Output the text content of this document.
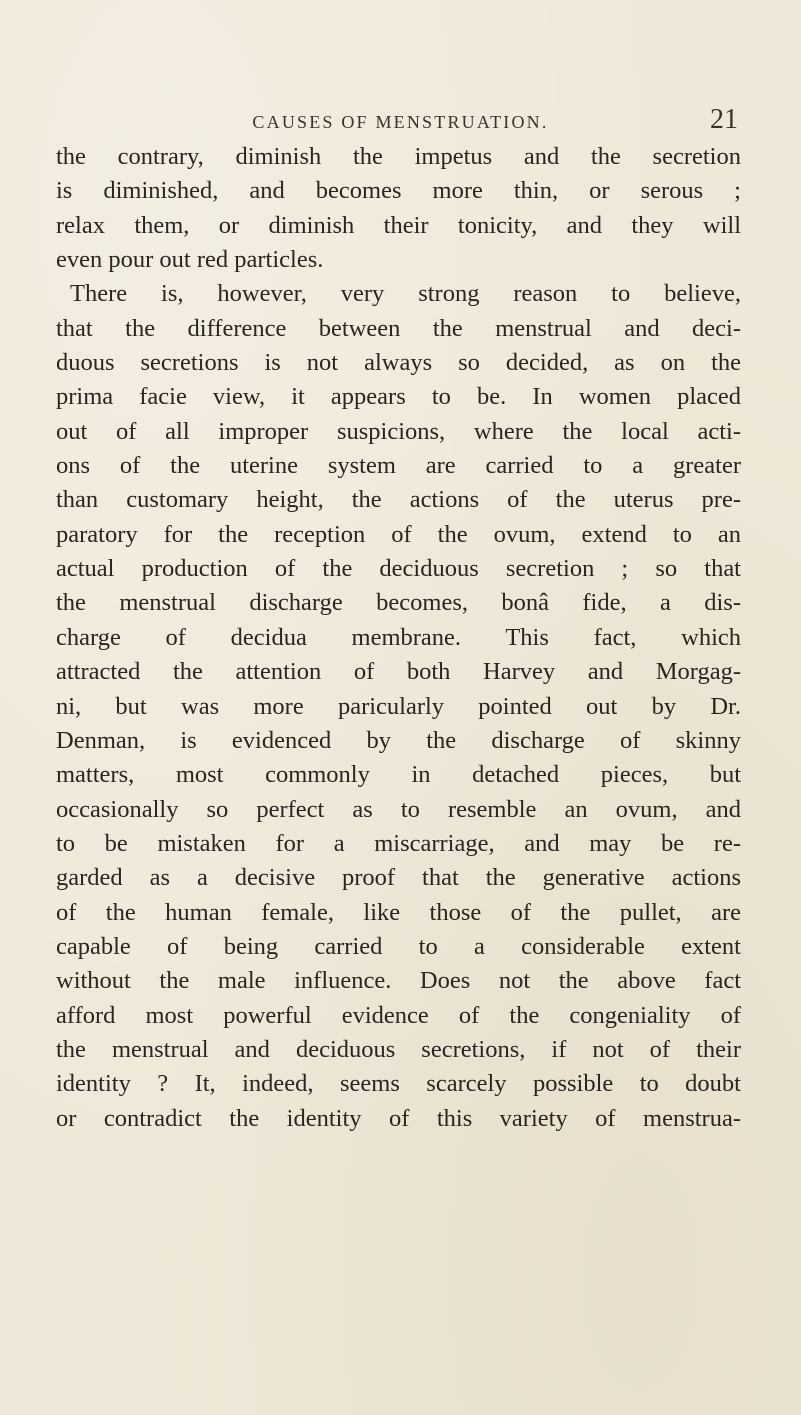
CAUSES OF MENSTRUATION.	21
the contrary, diminish the impetus and the secretion
is diminished, and becomes more thin, or serous ;
relax them, or diminish their tonicity, and they will
even pour out red particles.
There is, however, very strong reason to believe,
that the difference between the menstrual and deci-
duous secretions is not always so decided, as on the
prima facie view, it appears to be. In women placed
out of all improper suspicions, where the local acti-
ons of the uterine system are carried to a greater
than customary height, the actions of the uterus pre-
paratory for the reception of the ovum, extend to an
actual production of the deciduous secretion ; so that
the menstrual discharge becomes, bonâ fide, a dis-
charge of decidua membrane. This fact, which
attracted the attention of both Harvey and Morgag-
ni, but was more paricularly pointed out by Dr.
Denman, is evidenced by the discharge of skinny
matters, most commonly in detached pieces, but
occasionally so perfect as to resemble an ovum, and
to be mistaken for a miscarriage, and may be re-
garded as a decisive proof that the generative actions
of the human female, like those of the pullet, are
capable of being carried to a considerable extent
without the male influence. Does not the above fact
afford most powerful evidence of the congeniality of
the menstrual and deciduous secretions, if not of their
identity ? It, indeed, seems scarcely possible to doubt
or contradict the identity of this variety of menstrua-
